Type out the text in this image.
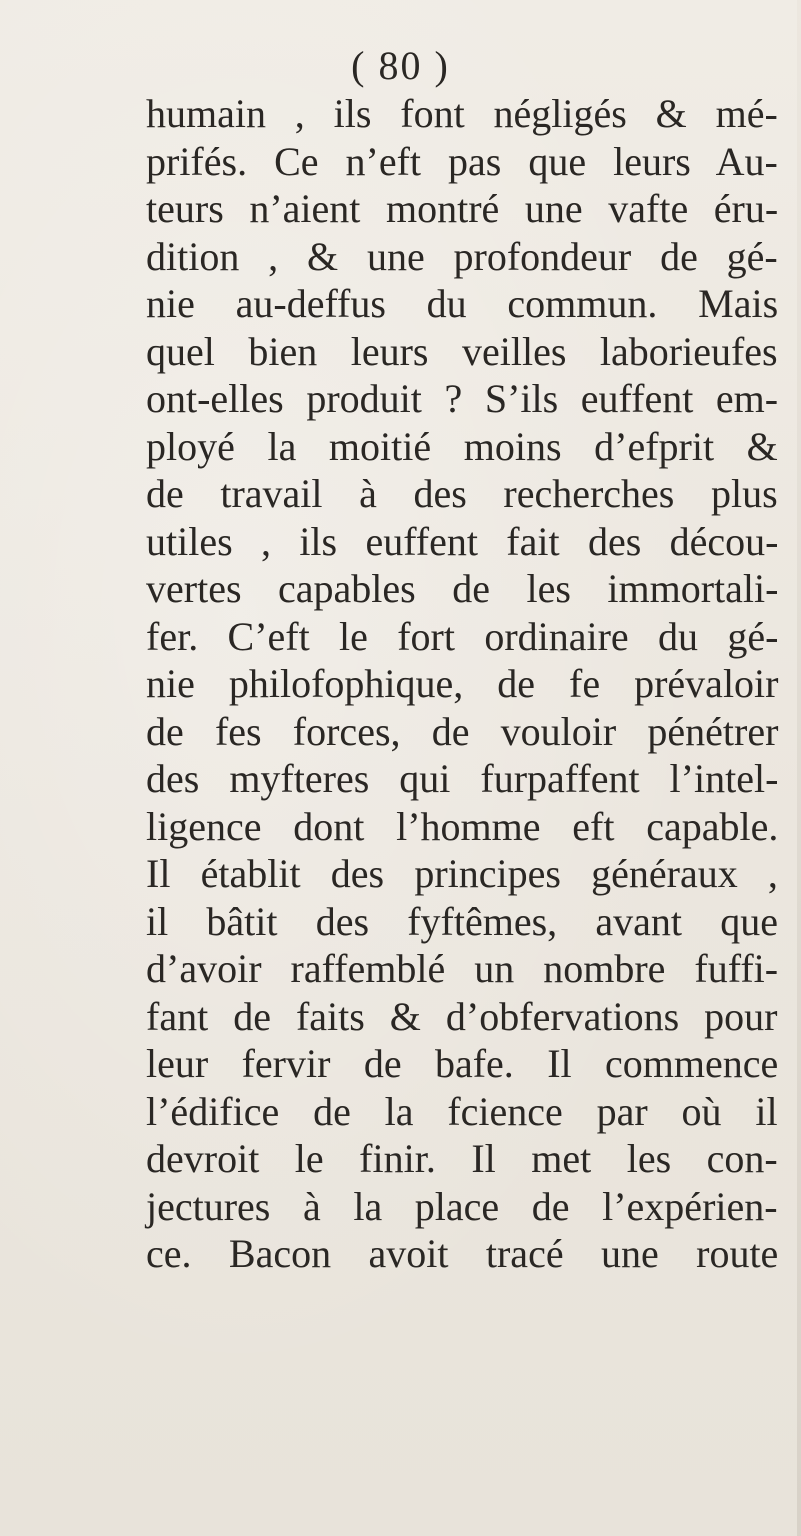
( 80 )
humain , ils font négligés & mé-
prifés. Ce n’eft pas que leurs Au-
teurs n’aient montré une vafte éru-
dition , & une profondeur de gé-
nie au-deffus du commun. Mais
quel bien leurs veilles laborieufes
ont-elles produit ? S’ils euffent em-
ployé la moitié moins d’efprit &
de travail à des recherches plus
utiles , ils euffent fait des décou-
vertes capables de les immortali-
fer. C’eft le fort ordinaire du gé-
nie philofophique, de fe prévaloir
de fes forces, de vouloir pénétrer
des myfteres qui furpaffent l’intel-
ligence dont l’homme eft capable.
Il établit des principes généraux ,
il bâtit des fyftêmes, avant que
d’avoir raffemblé un nombre fuffi-
fant de faits & d’obfervations pour
leur fervir de bafe. Il commence
l’édifice de la fcience par où il
devroit le finir. Il met les con-
jectures à la place de l’expérien-
ce. Bacon avoit tracé une route
